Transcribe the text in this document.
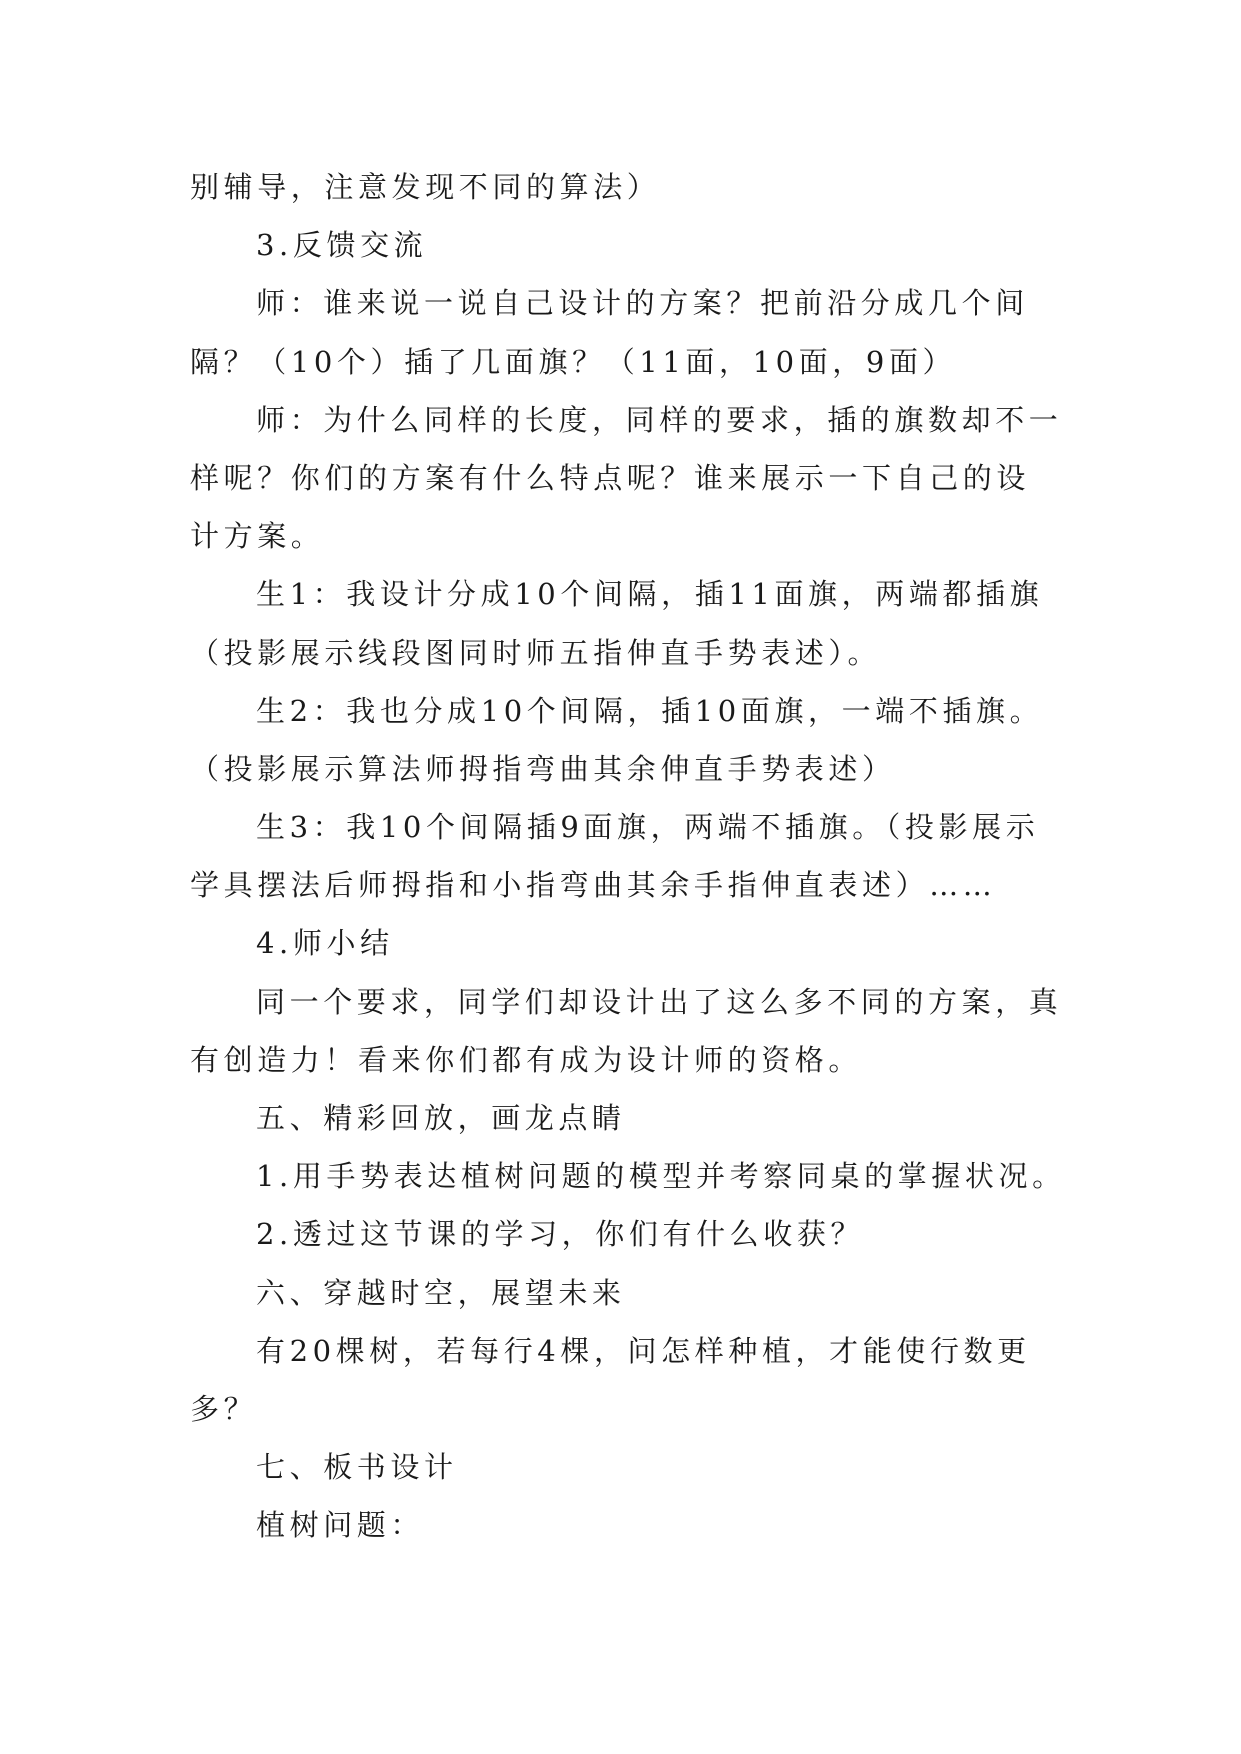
别辅导，注意发现不同的算法）
3.反馈交流
师：谁来说一说自己设计的方案？把前沿分成几个间
隔？（10个）插了几面旗？（11面，10面，9面）
师：为什么同样的长度，同样的要求，插的旗数却不一
样呢？你们的方案有什么特点呢？谁来展示一下自己的设
计方案。
生1：我设计分成10个间隔，插11面旗，两端都插旗
（投影展示线段图同时师五指伸直手势表述）。
生2：我也分成10个间隔，插10面旗，一端不插旗。
（投影展示算法师拇指弯曲其余伸直手势表述）
生3：我10个间隔插9面旗，两端不插旗。（投影展示
学具摆法后师拇指和小指弯曲其余手指伸直表述）……
4.师小结
同一个要求，同学们却设计出了这么多不同的方案，真
有创造力！看来你们都有成为设计师的资格。
五、精彩回放，画龙点睛
1.用手势表达植树问题的模型并考察同桌的掌握状况。
2.透过这节课的学习，你们有什么收获？
六、穿越时空，展望未来
有20棵树，若每行4棵，问怎样种植，才能使行数更
多？
七、板书设计
植树问题：
